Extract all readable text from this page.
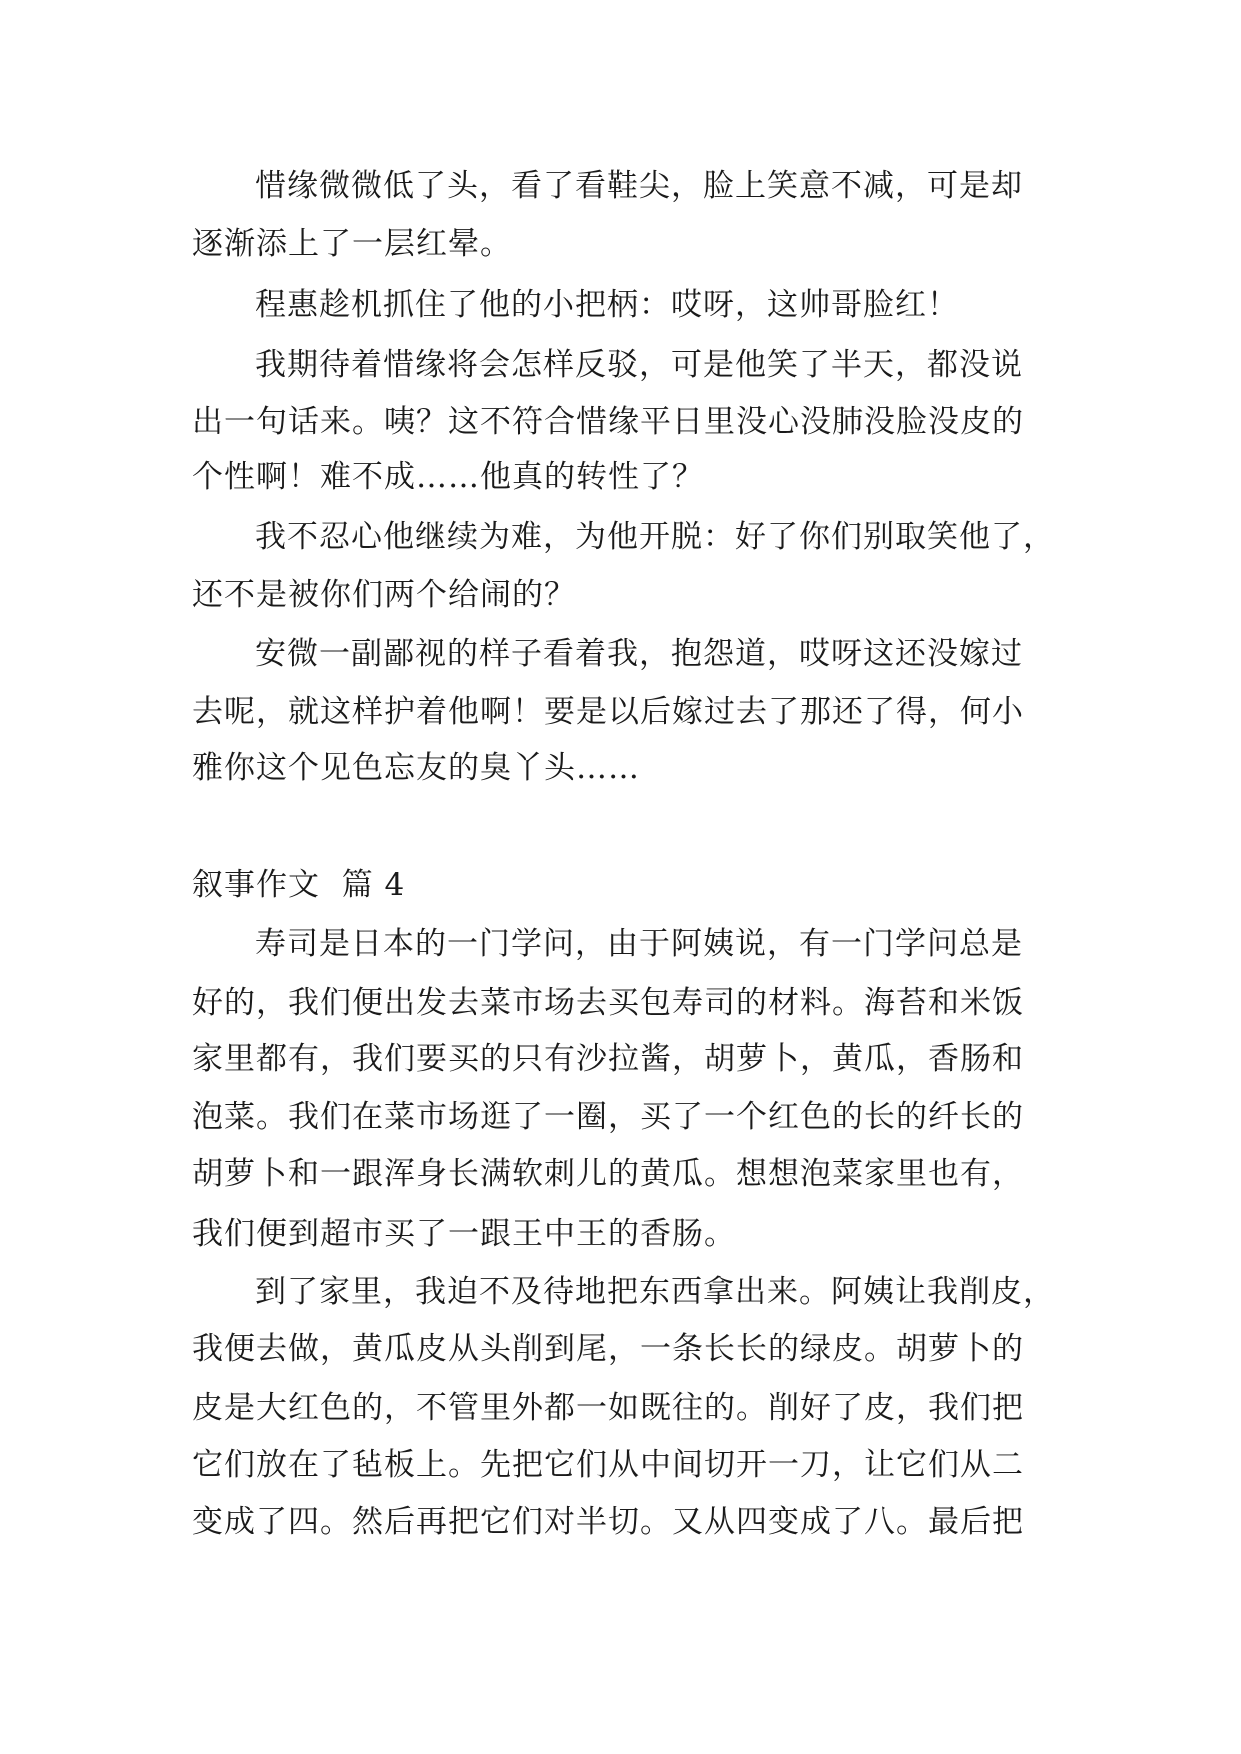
惜缘微微低了头，看了看鞋尖，脸上笑意不减，可是却
逐渐添上了一层红晕。
程惠趁机抓住了他的小把柄：哎呀，这帅哥脸红！
我期待着惜缘将会怎样反驳，可是他笑了半天，都没说
出一句话来。咦？这不符合惜缘平日里没心没肺没脸没皮的
个性啊！难不成……他真的转性了？
我不忍心他继续为难，为他开脱：好了你们别取笑他了，
还不是被你们两个给闹的？
安微一副鄙视的样子看着我，抱怨道，哎呀这还没嫁过
去呢，就这样护着他啊！要是以后嫁过去了那还了得，何小
雅你这个见色忘友的臭丫头……
叙事作文  篇 4
寿司是日本的一门学问，由于阿姨说，有一门学问总是
好的，我们便出发去菜市场去买包寿司的材料。海苔和米饭
家里都有，我们要买的只有沙拉酱，胡萝卜，黄瓜，香肠和
泡菜。我们在菜市场逛了一圈，买了一个红色的长的纤长的
胡萝卜和一跟浑身长满软刺儿的黄瓜。想想泡菜家里也有，
我们便到超市买了一跟王中王的香肠。
到了家里，我迫不及待地把东西拿出来。阿姨让我削皮，
我便去做，黄瓜皮从头削到尾，一条长长的绿皮。胡萝卜的
皮是大红色的，不管里外都一如既往的。削好了皮，我们把
它们放在了毡板上。先把它们从中间切开一刀，让它们从二
变成了四。然后再把它们对半切。又从四变成了八。最后把
